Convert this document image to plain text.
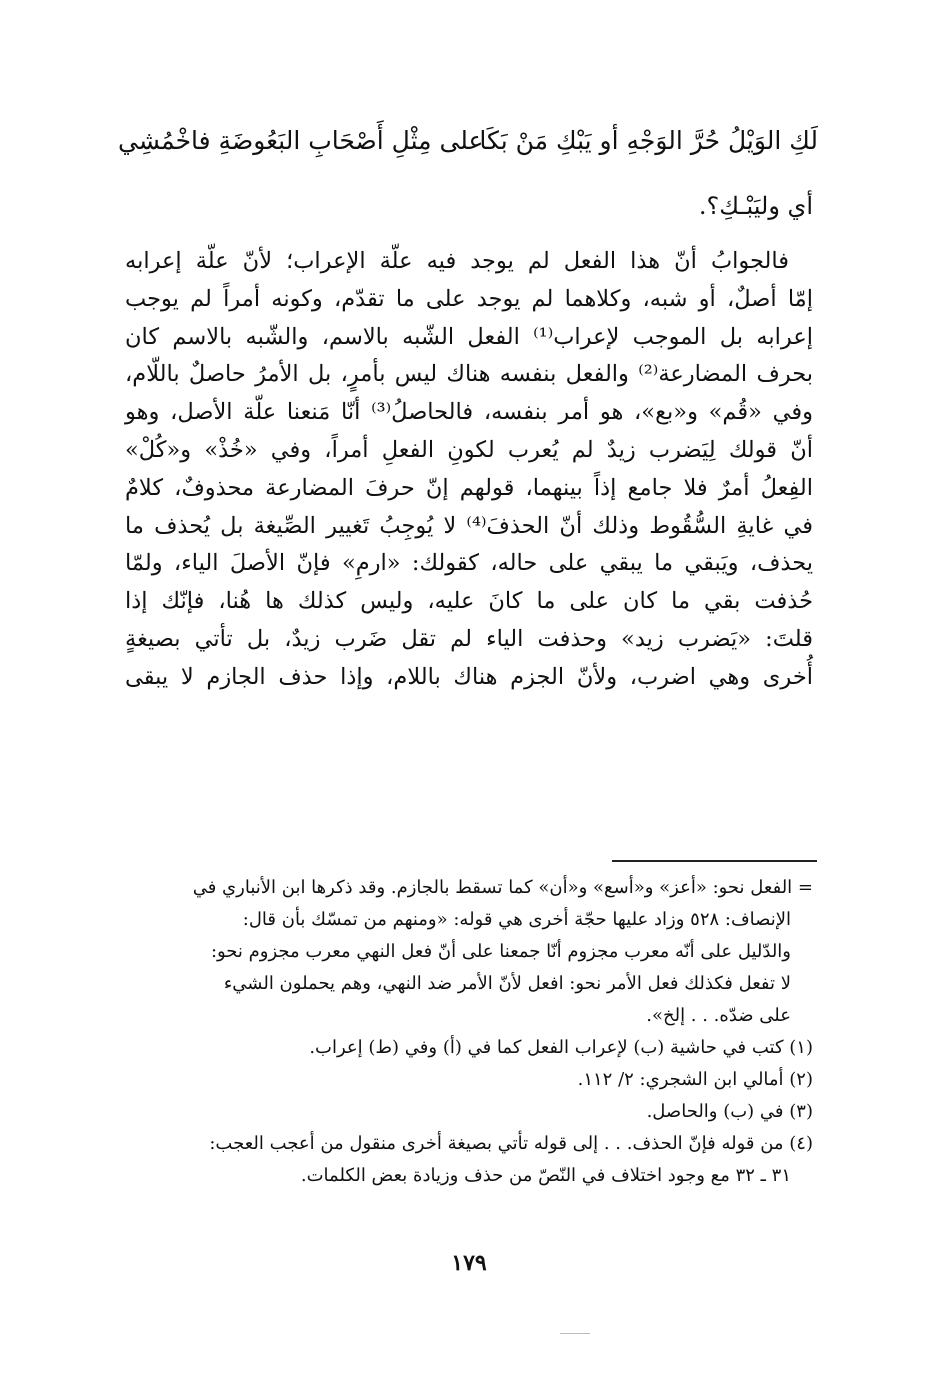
لَكِ الوَيْلُ حُرَّ الوَجْهِ أو يَبْكِ مَنْ بَكَا
على مِثْلِ أَصْحَابِ البَعُوضَةِ فاخْمُشِي
أي وليَبْـكِ؟.
فالجوابُ أنّ هذا الفعل لم يوجد فيه علّة الإعراب؛ لأنّ علّة إعرابه
إمّا أصلٌ، أو شبه، وكلاهما لم يوجد على ما تقدّم، وكونه أمراً لم يوجب
إعرابه بل الموجب لإعراب⁽¹⁾ الفعل الشّبه بالاسم، والشّبه بالاسم كان
بحرف المضارعة⁽²⁾ والفعل بنفسه هناك ليس بأمرٍ، بل الأمرُ حاصلٌ باللّام،
وفي «قُم» و«بع»، هو أمر بنفسه، فالحاصلُ⁽³⁾ أنّا مَنعنا علّة الأصل، وهو
أنّ قولك لِيَضرب زيدٌ لم يُعرب لكونِ الفعلِ أمراً، وفي «خُذْ» و«كُلْ»
الفِعلُ أمرٌ فلا جامع إذاً بينهما، قولهم إنّ حرفَ المضارعة محذوفٌ، كلامٌ
في غايةِ السُّقُوط وذلك أنّ الحذفَ⁽⁴⁾ لا يُوجِبُ تَغيير الصِّيغة بل يُحذف ما
يحذف، ويَبقي ما يبقي على حاله، كقولك: «ارمِ» فإنّ الأصلَ الياء، ولمّا
حُذفت بقي ما كان على ما كانَ عليه، وليس كذلك ها هُنا، فإنّك إذا
قلتَ: «يَضرب زيد» وحذفت الياء لم تقل ضَرب زيدٌ، بل تأتي بصيغةٍ
أُخرى وهي اضرب، ولأنّ الجزم هناك باللام، وإذا حذف الجازم لا يبقى
= الفعل نحو: «أعز» و«أسع» و«أن» كما تسقط بالجازم. وقد ذكرها ابن الأنباري في
الإنصاف: ٥٢٨ وزاد عليها حجّة أخرى هي قوله: «ومنهم من تمسّك بأن قال:
والدّليل على أنّه معرب مجزوم أنّا جمعنا على أنّ فعل النهي معرب مجزوم نحو:
لا تفعل فكذلك فعل الأمر نحو: افعل لأنّ الأمر ضد النهي، وهم يحملون الشيء
على ضدّه. . . إلخ».
(١) كتب في حاشية (ب) لإعراب الفعل كما في (أ) وفي (ط) إعراب.
(٢) أمالي ابن الشجري: ٢/ ١١٢.
(٣) في (ب) والحاصل.
(٤) من قوله فإنّ الحذف. . . إلى قوله تأتي بصيغة أخرى منقول من أعجب العجب:
٣١ ـ ٣٢ مع وجود اختلاف في النّصّ من حذف وزيادة بعض الكلمات.
١٧٩
